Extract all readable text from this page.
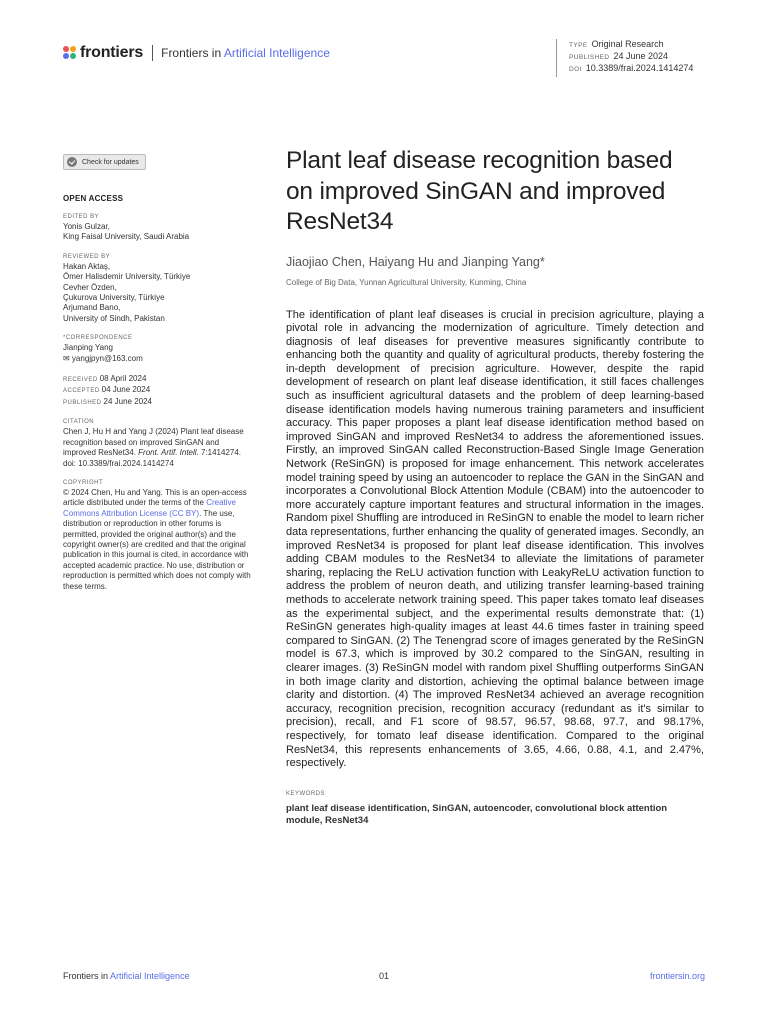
frontiers Frontiers in Artificial Intelligence
TYPE Original Research
PUBLISHED 24 June 2024
DOI 10.3389/frai.2024.1414274
Check for updates
OPEN ACCESS
EDITED BY
Yonis Gulzar,
King Faisal University, Saudi Arabia
REVIEWED BY
Hakan Aktaş,
Ömer Halisdemir University, Türkiye
Cevher Özden,
Çukurova University, Türkiye
Arjumand Bano,
University of Sindh, Pakistan
*CORRESPONDENCE
Jianping Yang
✉ yangjpyn@163.com
RECEIVED 08 April 2024
ACCEPTED 04 June 2024
PUBLISHED 24 June 2024
CITATION
Chen J, Hu H and Yang J (2024) Plant leaf disease recognition based on improved SinGAN and improved ResNet34. Front. Artif. Intell. 7:1414274.
doi: 10.3389/frai.2024.1414274
COPYRIGHT
© 2024 Chen, Hu and Yang. This is an open-access article distributed under the terms of the Creative Commons Attribution License (CC BY). The use, distribution or reproduction in other forums is permitted, provided the original author(s) and the copyright owner(s) are credited and that the original publication in this journal is cited, in accordance with accepted academic practice. No use, distribution or reproduction is permitted which does not comply with these terms.
Plant leaf disease recognition based on improved SinGAN and improved ResNet34
Jiaojiao Chen, Haiyang Hu and Jianping Yang*
College of Big Data, Yunnan Agricultural University, Kunming, China

The identification of plant leaf diseases is crucial in precision agriculture, playing a pivotal role in advancing the modernization of agriculture. Timely detection and diagnosis of leaf diseases for preventive measures significantly contribute to enhancing both the quantity and quality of agricultural products, thereby fostering the in-depth development of precision agriculture. However, despite the rapid development of research on plant leaf disease identification, it still faces challenges such as insufficient agricultural datasets and the problem of deep learning-based disease identification models having numerous training parameters and insufficient accuracy. This paper proposes a plant leaf disease identification method based on improved SinGAN and improved ResNet34 to address the aforementioned issues. Firstly, an improved SinGAN called Reconstruction-Based Single Image Generation Network (ReSinGN) is proposed for image enhancement. This network accelerates model training speed by using an autoencoder to replace the GAN in the SinGAN and incorporates a Convolutional Block Attention Module (CBAM) into the autoencoder to more accurately capture important features and structural information in the images. Random pixel Shuffling are introduced in ReSinGN to enable the model to learn richer data representations, further enhancing the quality of generated images. Secondly, an improved ResNet34 is proposed for plant leaf disease identification. This involves adding CBAM modules to the ResNet34 to alleviate the limitations of parameter sharing, replacing the ReLU activation function with LeakyReLU activation function to address the problem of neuron death, and utilizing transfer learning-based training methods to accelerate network training speed. This paper takes tomato leaf diseases as the experimental subject, and the experimental results demonstrate that: (1) ReSinGN generates high-quality images at least 44.6 times faster in training speed compared to SinGAN. (2) The Tenengrad score of images generated by the ReSinGN model is 67.3, which is improved by 30.2 compared to the SinGAN, resulting in clearer images. (3) ReSinGN model with random pixel Shuffling outperforms SinGAN in both image clarity and distortion, achieving the optimal balance between image clarity and distortion. (4) The improved ResNet34 achieved an average recognition accuracy, recognition precision, recognition accuracy (redundant as it's similar to precision), recall, and F1 score of 98.57, 96.57, 98.68, 97.7, and 98.17%, respectively, for tomato leaf disease identification. Compared to the original ResNet34, this represents enhancements of 3.65, 4.66, 0.88, 4.1, and 2.47%, respectively.

KEYWORDS
plant leaf disease identification, SinGAN, autoencoder, convolutional block attention module, ResNet34
Frontiers in Artificial Intelligence	01	frontiersin.org
